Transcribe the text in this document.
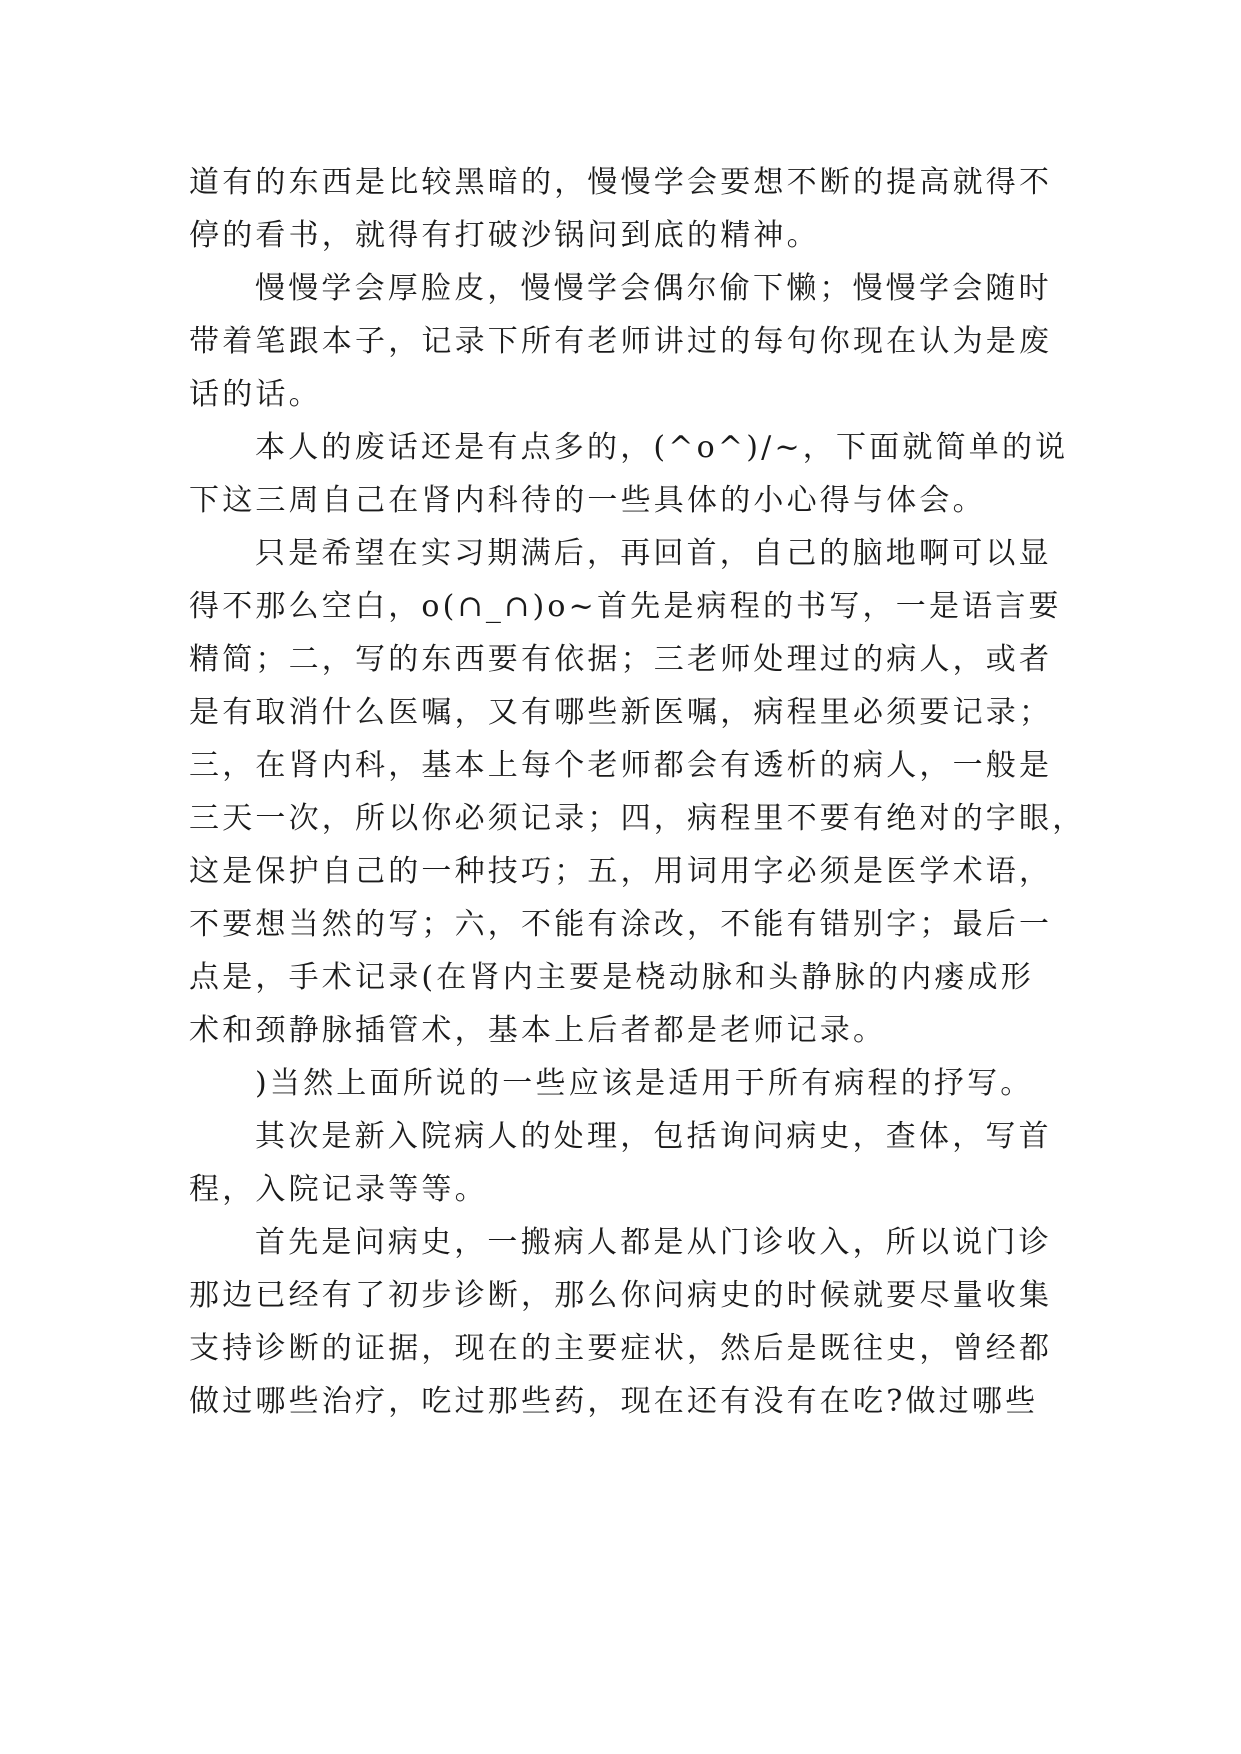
道有的东西是比较黑暗的，慢慢学会要想不断的提高就得不
停的看书，就得有打破沙锅问到底的精神。
慢慢学会厚脸皮，慢慢学会偶尔偷下懒；慢慢学会随时
带着笔跟本子，记录下所有老师讲过的每句你现在认为是废
话的话。
本人的废话还是有点多的，(^o^)/~，下面就简单的说
下这三周自己在肾内科待的一些具体的小心得与体会。
只是希望在实习期满后，再回首，自己的脑地啊可以显
得不那么空白，o(∩_∩)o~首先是病程的书写，一是语言要
精简；二，写的东西要有依据；三老师处理过的病人，或者
是有取消什么医嘱，又有哪些新医嘱，病程里必须要记录；
三，在肾内科，基本上每个老师都会有透析的病人，一般是
三天一次，所以你必须记录；四，病程里不要有绝对的字眼，
这是保护自己的一种技巧；五，用词用字必须是医学术语，
不要想当然的写；六，不能有涂改，不能有错别字；最后一
点是，手术记录(在肾内主要是桡动脉和头静脉的内瘘成形
术和颈静脉插管术，基本上后者都是老师记录。
)当然上面所说的一些应该是适用于所有病程的抒写。
其次是新入院病人的处理，包括询问病史，查体，写首
程，入院记录等等。
首先是问病史，一搬病人都是从门诊收入，所以说门诊
那边已经有了初步诊断，那么你问病史的时候就要尽量收集
支持诊断的证据，现在的主要症状，然后是既往史，曾经都
做过哪些治疗，吃过那些药，现在还有没有在吃?做过哪些
